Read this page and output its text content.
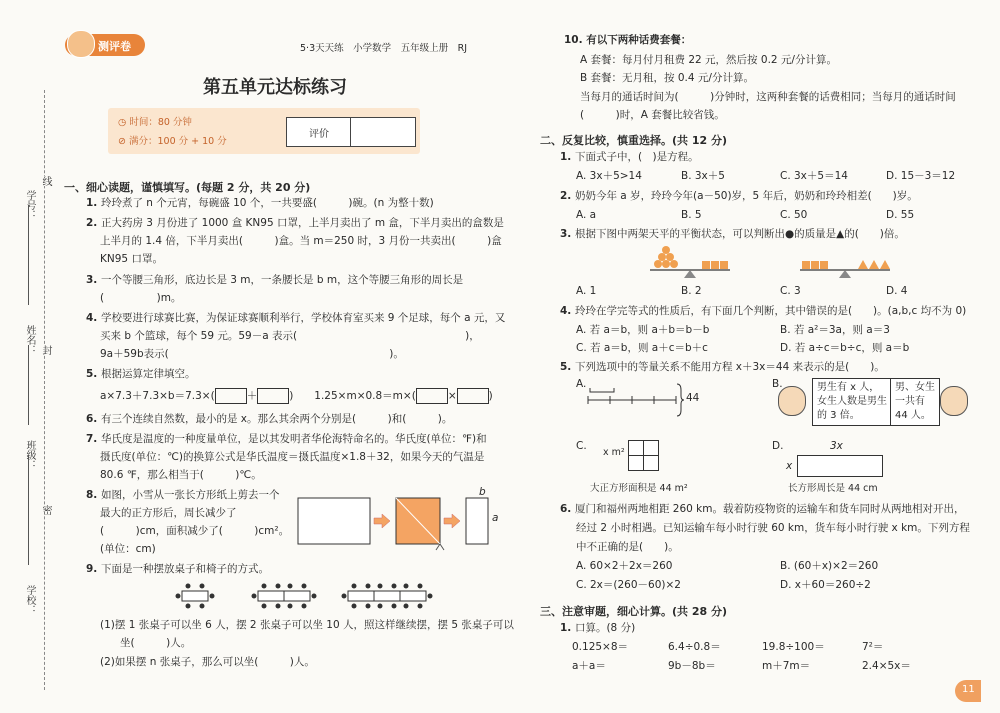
学号：
姓名：
班级：
学校：
线
封
密
测评卷	5·3天天练　小学数学　五年级上册　RJ
第五单元达标练习
◷ 时间：80 分钟
⊘ 满分：100 分 + 10 分
评价
一、细心读题，谨慎填写。(每题 2 分，共 20 分)
1. 玲玲煮了 n 个元宵，每碗盛 10 个，一共要盛(　　　)碗。(n 为整十数)
2. 正大药房 3 月份进了 1000 盒 KN95 口罩，上半月卖出了 m 盒，下半月卖出的盒数是
上半月的 1.4 倍，下半月卖出(　　　)盒。当 m＝250 时，3 月份一共卖出(　　　)盒
KN95 口罩。
3. 一个等腰三角形，底边长是 3 m，一条腰长是 b m，这个等腰三角形的周长是
(　　　　　)m。
4. 学校要进行球赛比赛，为保证球赛顺利举行，学校体育室买来 9 个足球，每个 a 元，又
买来 b 个篮球，每个 59 元。59－a 表示(　　　　　　　　　　　　　　　　)，
9a＋59b表示(　　　　　　　　　　　　　　　　　　　　　)。
5. 根据运算定律填空。
a×7.3＋7.3×b＝7.3×(	＋	)　　1.25×m×0.8＝m×(	×	)
6. 有三个连续自然数，最小的是 x。那么其余两个分别是(　　　)和(　　　)。
7. 华氏度是温度的一种度量单位，是以其发明者华伦海特命名的。华氏度(单位：℉)和
摄氏度(单位：℃)的换算公式是华氏温度＝摄氏温度×1.8＋32，如果今天的气温是
80.6 ℉，那么相当于(　　　)℃。
8. 如图，小雪从一张长方形纸上剪去一个
最大的正方形后，周长减少了
(　　　)cm，面积减少了(　　　)cm²。
(单位：cm)
b
a
9. 下面是一种摆放桌子和椅子的方式。
(1)摆 1 张桌子可以坐 6 人，摆 2 张桌子可以坐 10 人，照这样继续摆，摆 5 张桌子可以
坐(　　　)人。
(2)如果摆 n 张桌子，那么可以坐(　　　)人。
10. 有以下两种话费套餐：
A 套餐：每月付月租费 22 元，然后按 0.2 元/分计算。
B 套餐：无月租，按 0.4 元/分计算。
当每月的通话时间为(　　　)分钟时，这两种套餐的话费相同；当每月的通话时间
(　　　)时，A 套餐比较省钱。
二、反复比较，慎重选择。(共 12 分)
1. 下面式子中，(　)是方程。
A. 3x＋5>14	B. 3x＋5	C. 3x＋5＝14	D. 15－3＝12
2. 奶奶今年 a 岁，玲玲今年(a－50)岁，5 年后，奶奶和玲玲相差(　　)岁。
A. a	B. 5	C. 50	D. 55
3. 根据下图中两架天平的平衡状态，可以判断出●的质量是▲的(　　)倍。
A. 1	B. 2	C. 3	D. 4
4. 玲玲在学完等式的性质后，有下面几个判断，其中错误的是(　　)。(a,b,c 均不为 0)
A. 若 a＝b，则 a＋b＝b－b	B. 若 a²＝3a，则 a＝3
C. 若 a＝b，则 a＋c＝b＋c	D. 若 a÷c＝b÷c，则 a＝b
5. 下列选项中的等量关系不能用方程 x＋3x＝44 来表示的是(　　)。
A.
44
B.	男生有 x 人，女生人数是男生的 3 倍。
男、女生一共有 44 人。
C.
x m²
大正方形面积是 44 m²
D.	3x
x
长方形周长是 44 cm
6. 厦门和福州两地相距 260 km。载着防疫物资的运输车和货车同时从两地相对开出，
经过 2 小时相遇。已知运输车每小时行驶 60 km，货车每小时行驶 x km。下列方程
中不正确的是(　　)。
A. 60×2＋2x＝260	B. (60＋x)×2＝260
C. 2x＝(260－60)×2	D. x＋60＝260÷2
三、注意审题，细心计算。(共 28 分)
1. 口算。(8 分)
0.125×8＝	6.4÷0.8＝	19.8÷100＝	7²＝
a＋a＝	9b－8b＝	m＋7m＝	2.4×5x＝
11
